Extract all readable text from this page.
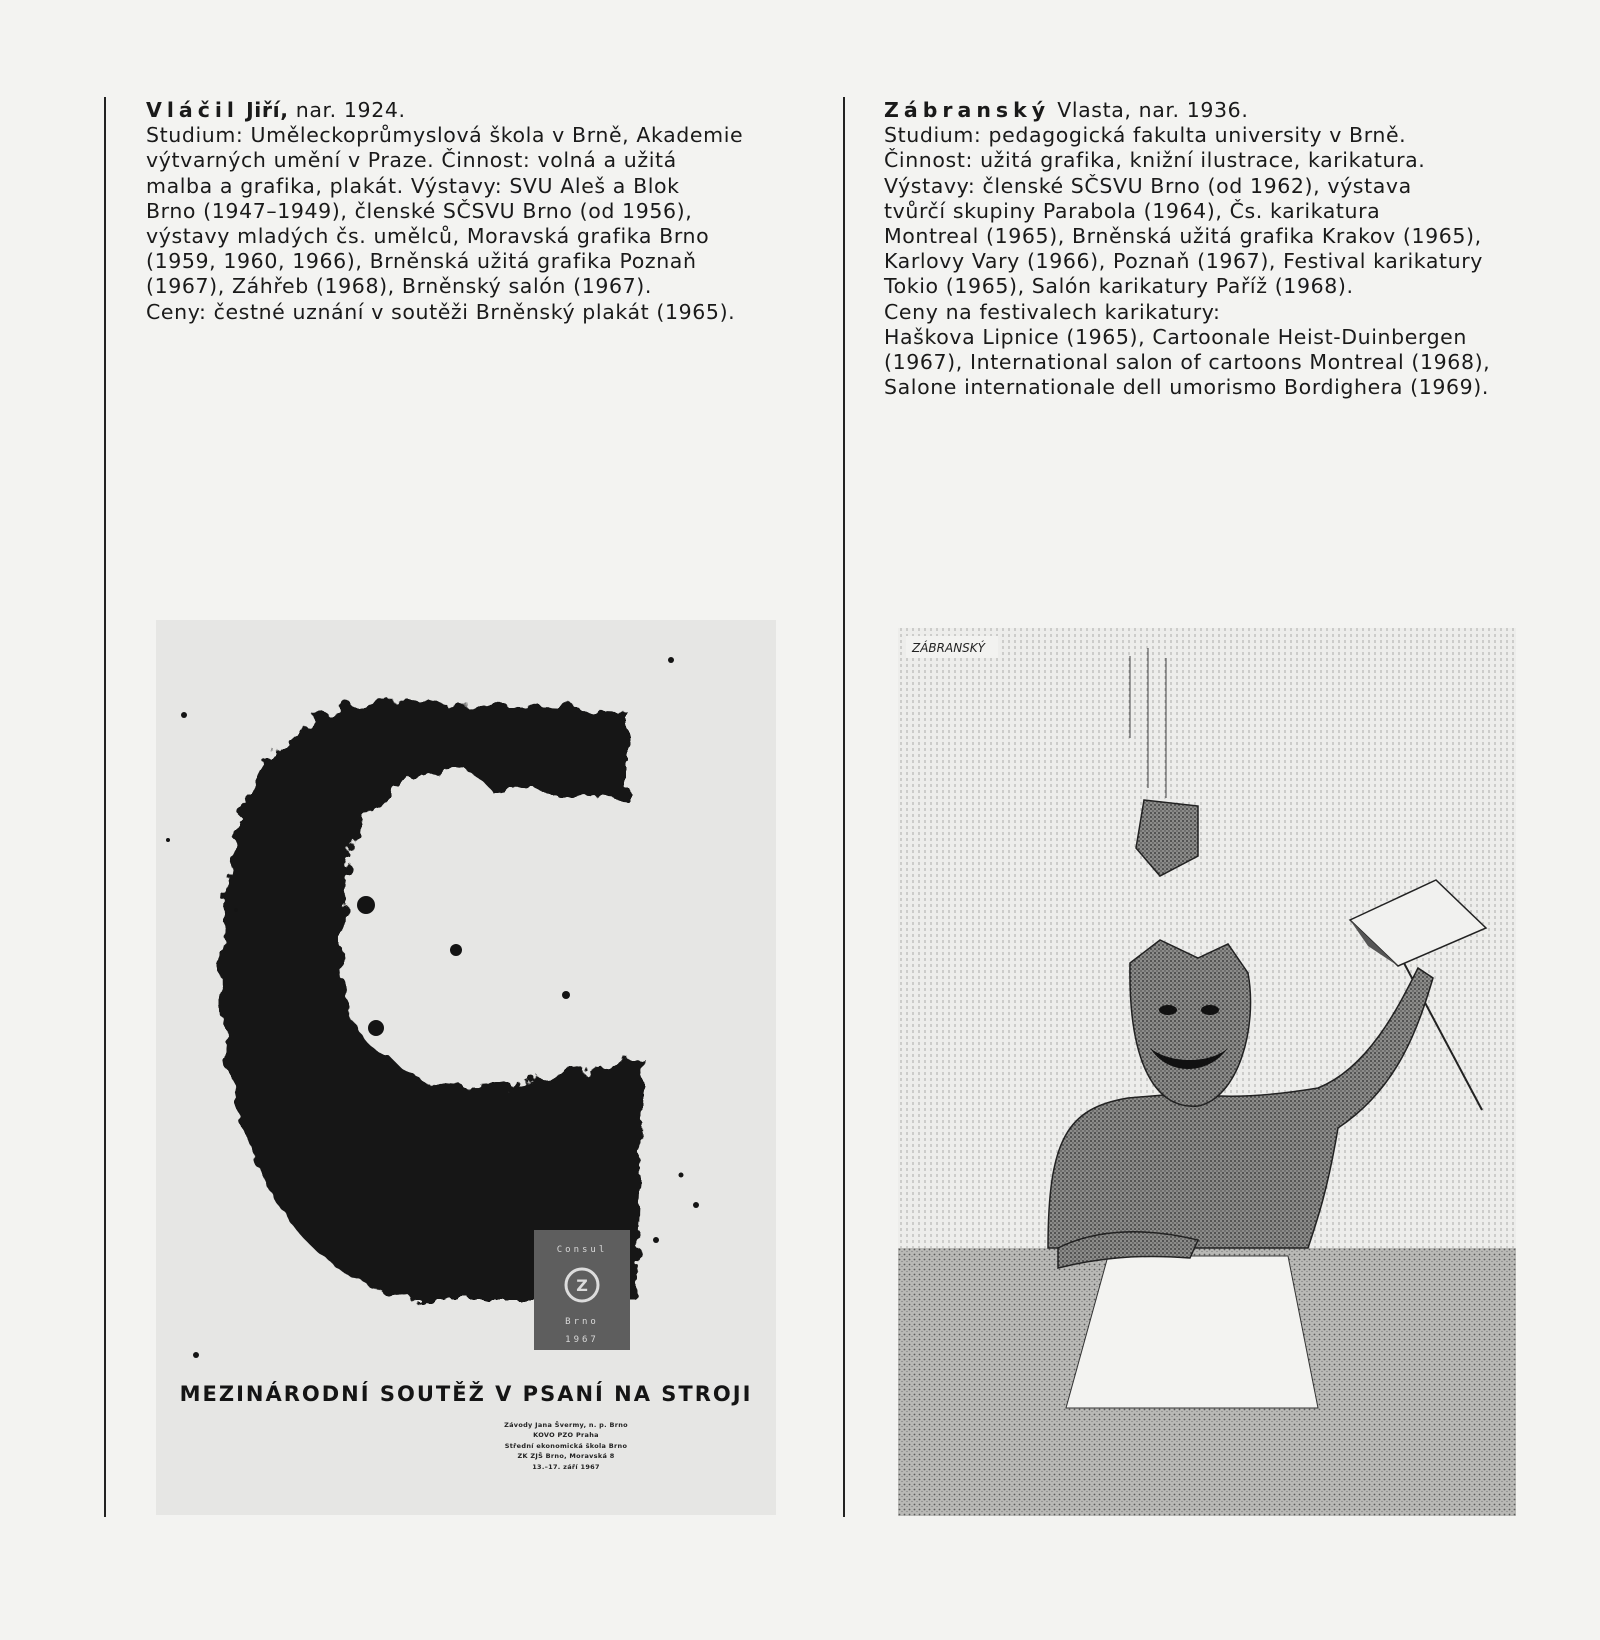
Vláčil Jiří, nar. 1924.
Studium: Uměleckoprůmyslová škola v Brně, Akademie
výtvarných umění v Praze. Činnost: volná a užitá
malba a grafika, plakát. Výstavy: SVU Aleš a Blok
Brno (1947–1949), členské SČSVU Brno (od 1956),
výstavy mladých čs. umělců, Moravská grafika Brno
(1959, 1960, 1966), Brněnská užitá grafika Poznaň
(1967), Záhřeb (1968), Brněnský salón (1967).
Ceny: čestné uznání v soutěži Brněnský plakát (1965).
Zábranský Vlasta, nar. 1936.
Studium: pedagogická fakulta university v Brně.
Činnost: užitá grafika, knižní ilustrace, karikatura.
Výstavy: členské SČSVU Brno (od 1962), výstava
tvůrčí skupiny Parabola (1964), Čs. karikatura
Montreal (1965), Brněnská užitá grafika Krakov (1965),
Karlovy Vary (1966), Poznaň (1967), Festival karikatury
Tokio (1965), Salón karikatury Paříž (1968).
Ceny na festivalech karikatury:
Haškova Lipnice (1965), Cartoonale Heist-Duinbergen
(1967), International salon of cartoons Montreal (1968),
Salone internationale dell umorismo Bordighera (1969).
Consul
Z
Brno
1967
MEZINÁRODNÍ SOUTĚŽ V PSANÍ NA STROJI
Závody Jana Švermy, n. p. Brno
KOVO PZO Praha
Střední ekonomická škola Brno
ZK ZJŠ Brno, Moravská 8
13.–17. září 1967
ZÁBRANSKÝ
